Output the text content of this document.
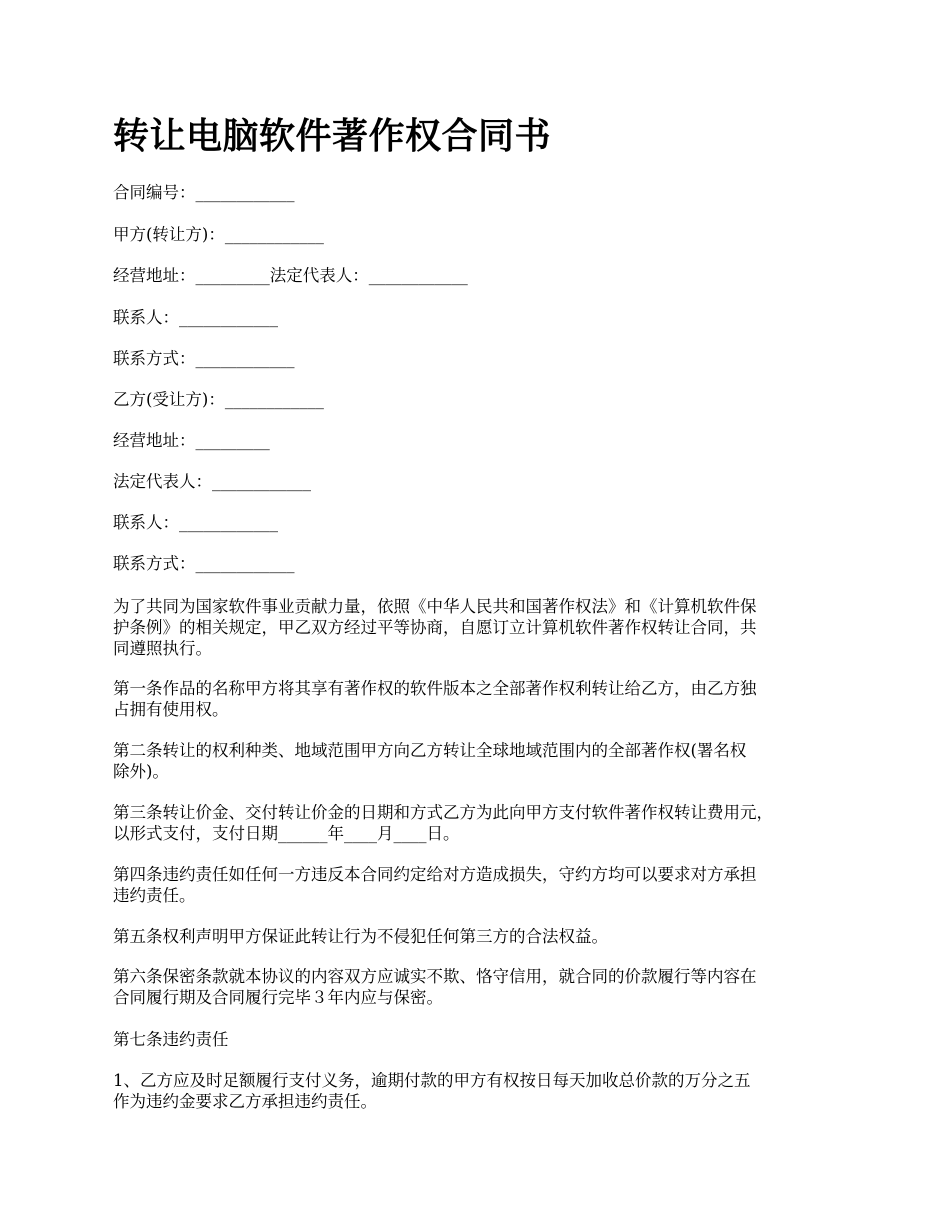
转让电脑软件著作权合同书

合同编号：____________

甲方(转让方)：____________

经营地址：_________法定代表人：____________

联系人：____________

联系方式：____________

乙方(受让方)：____________

经营地址：_________

法定代表人：____________

联系人：____________

联系方式：____________

为了共同为国家软件事业贡献力量，依照《中华人民共和国著作权法》和《计算机软件保
护条例》的相关规定，甲乙双方经过平等协商，自愿订立计算机软件著作权转让合同，共
同遵照执行。
第一条作品的名称甲方将其享有著作权的软件版本之全部著作权利转让给乙方，由乙方独
占拥有使用权。
第二条转让的权利种类、地域范围甲方向乙方转让全球地域范围内的全部著作权(署名权
除外)。
第三条转让价金、交付转让价金的日期和方式乙方为此向甲方支付软件著作权转让费用元，
以形式支付，支付日期______年____月____日。
第四条违约责任如任何一方违反本合同约定给对方造成损失，守约方均可以要求对方承担
违约责任。
第五条权利声明甲方保证此转让行为不侵犯任何第三方的合法权益。
第六条保密条款就本协议的内容双方应诚实不欺、恪守信用，就合同的价款履行等内容在
合同履行期及合同履行完毕３年内应与保密。
第七条违约责任
1、乙方应及时足额履行支付义务，逾期付款的甲方有权按日每天加收总价款的万分之五
作为违约金要求乙方承担违约责任。
